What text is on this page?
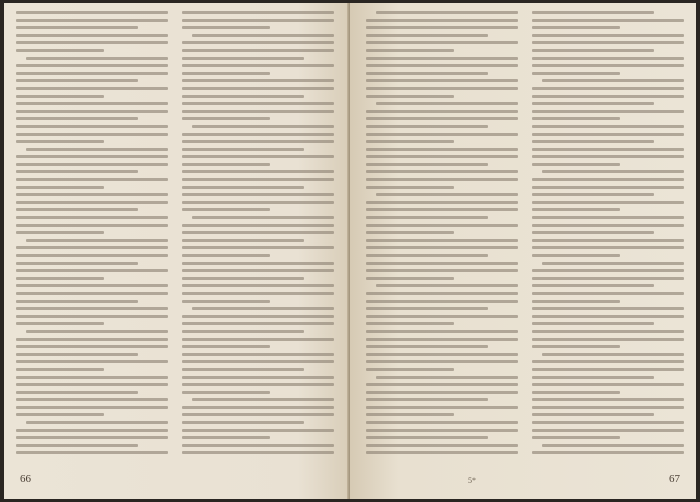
66	5*	67
